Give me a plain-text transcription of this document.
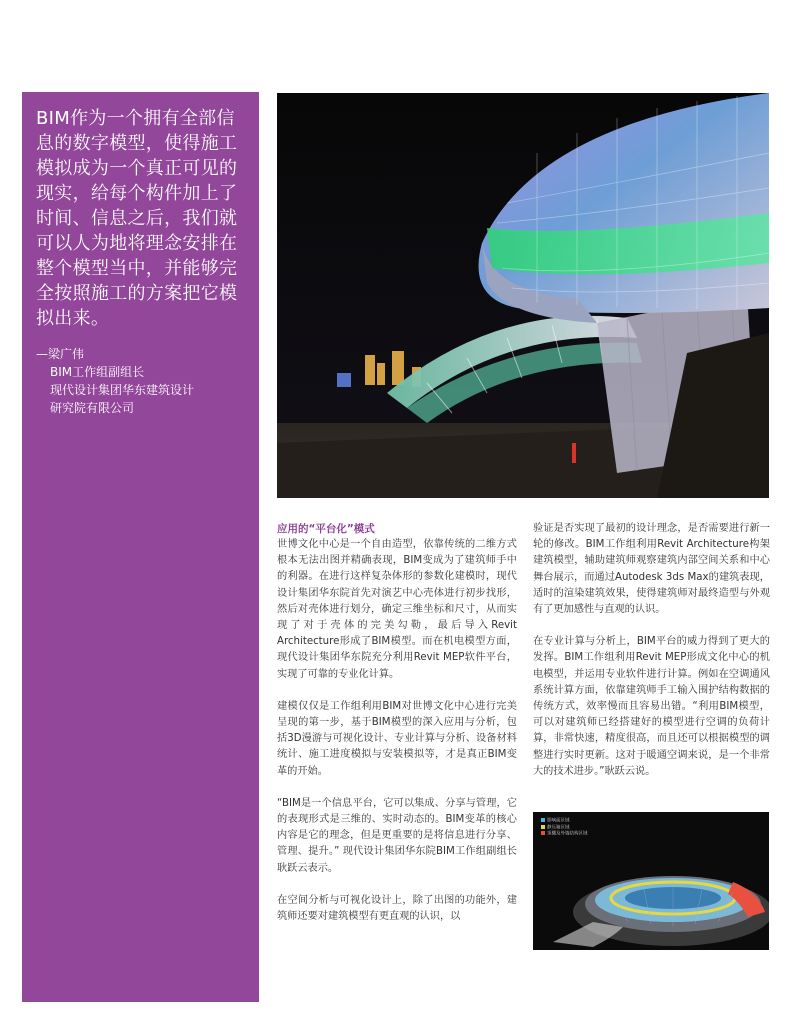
BIM作为一个拥有全部信息的数字模型，使得施工模拟成为一个真正可见的现实，给每个构件加上了时间、信息之后，我们就可以人为地将理念安排在整个模型当中，并能够完全按照施工的方案把它模拟出来。

—梁广伟
BIM工作组副组长
现代设计集团华东建筑设计
研究院有限公司
应用的“平台化”模式

世博文化中心是一个自由造型，依靠传统的二维方式根本无法出图并精确表现，BIM变成为了建筑师手中的利器。在进行这样复杂体形的参数化建模时，现代设计集团华东院首先对演艺中心壳体进行初步找形，然后对壳体进行划分，确定三维坐标和尺寸，从而实现了对于壳体的完美勾勒，最后导入Revit Architecture形成了BIM模型。而在机电模型方面，现代设计集团华东院充分利用Revit MEP软件平台，实现了可靠的专业化计算。

建模仅仅是工作组利用BIM对世博文化中心进行完美呈现的第一步，基于BIM模型的深入应用与分析，包括3D漫游与可视化设计、专业计算与分析、设备材料统计、施工进度模拟与安装模拟等，才是真正BIM变革的开始。

“BIM是一个信息平台，它可以集成、分享与管理，它的表现形式是三维的、实时动态的。BIM变革的核心内容是它的理念，但是更重要的是将信息进行分享、管理、提升。” 现代设计集团华东院BIM工作组副组长耿跃云表示。

在空间分析与可视化设计上，除了出图的功能外，建筑师还要对建筑模型有更直观的认识，以

验证是否实现了最初的设计理念，是否需要进行新一轮的修改。BIM工作组利用Revit Architecture构架建筑模型，辅助建筑师观察建筑内部空间关系和中心舞台展示，而通过Autodesk 3ds Max的建筑表现，适时的渲染建筑效果，使得建筑师对最终造型与外观有了更加感性与直观的认识。

在专业计算与分析上，BIM平台的威力得到了更大的发挥。BIM工作组利用Revit MEP形成文化中心的机电模型，并运用专业软件进行计算。例如在空调通风系统计算方面，依靠建筑师手工输入围护结构数据的传统方式，效率慢而且容易出错。“利用BIM模型，可以对建筑师已经搭建好的模型进行空调的负荷计算，非常快速，精度很高，而且还可以根据模型的调整进行实时更新。这对于暖通空调来说，是一个非常大的技术进步。”耿跃云说。

影响面区域
静压箱区域
顶棚及外墙结构区域
